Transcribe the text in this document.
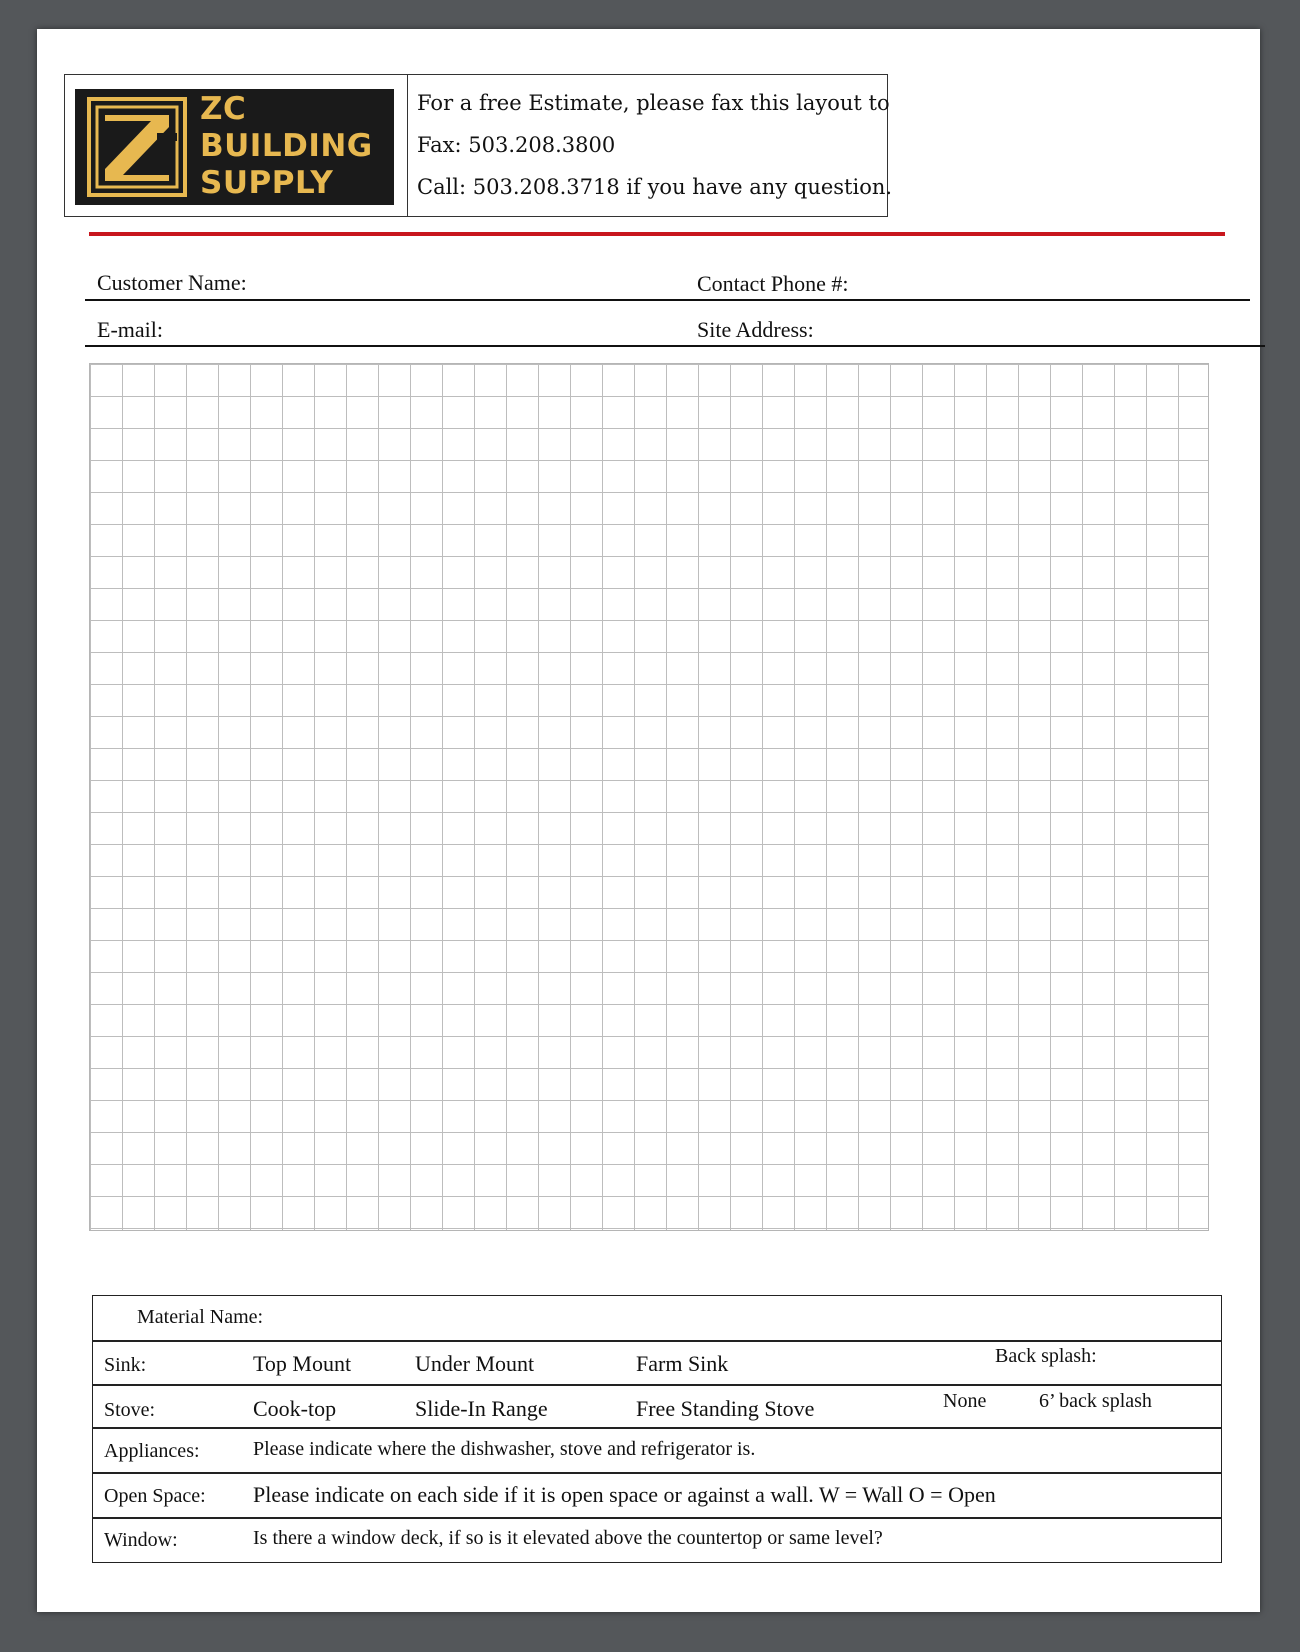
ZC
BUILDING
SUPPLY
For a free Estimate, please fax this layout to
Fax: 503.208.3800
Call: 503.208.3718 if you have any question.
Customer Name:	Contact Phone #:
E-mail:	Site Address:
Material Name:
Sink:	Top Mount	Under Mount	Farm Sink	Back splash:
Stove:	Cook-top	Slide-In Range	Free Standing Stove	None	6’ back splash
Appliances:	Please indicate where the dishwasher, stove and refrigerator is.
Open Space: Please indicate on each side if it is open space or against a wall. W = Wall O = Open
Window:	Is there a window deck, if so is it elevated above the countertop or same level?
